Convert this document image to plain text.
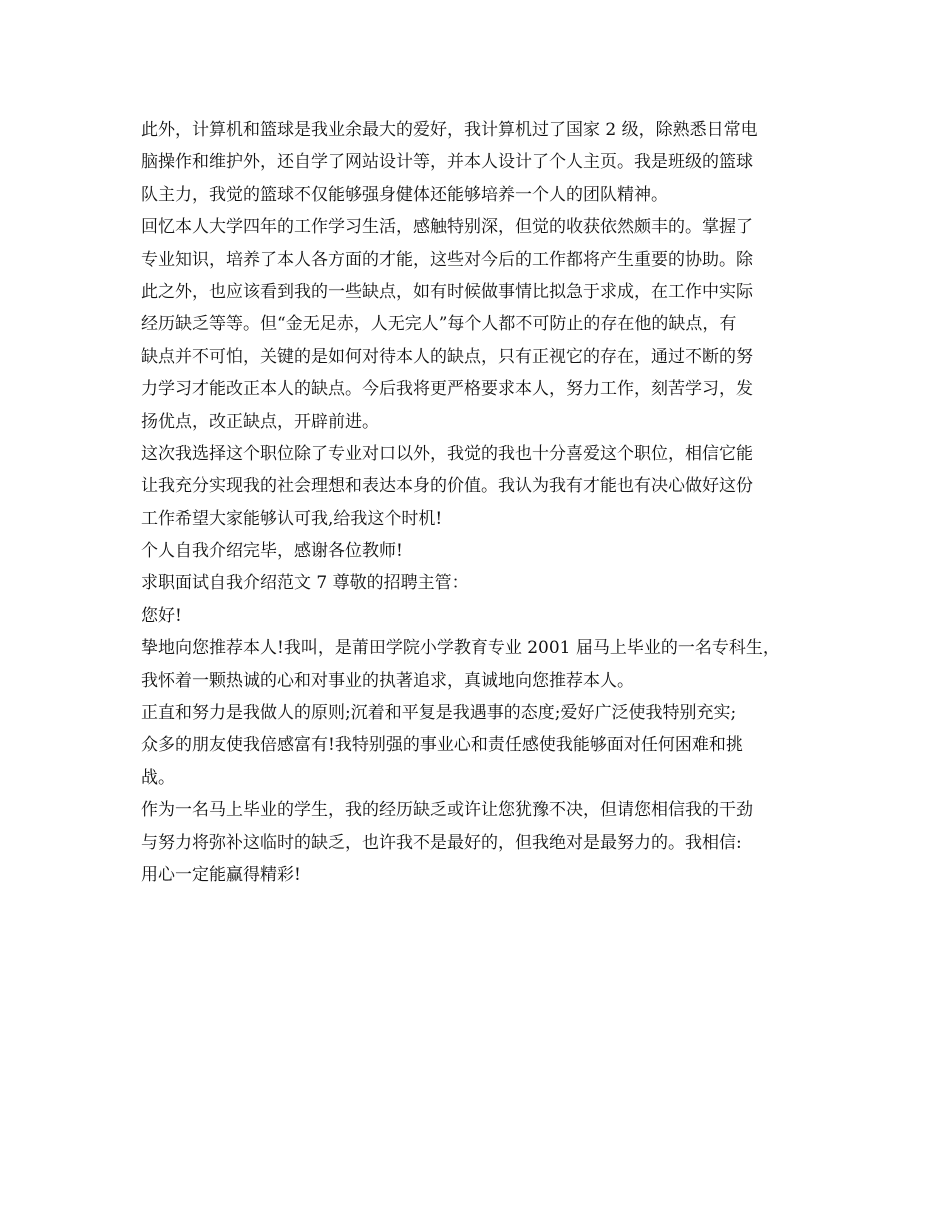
此外，计算机和篮球是我业余最大的爱好，我计算机过了国家 2 级，除熟悉日常电
脑操作和维护外，还自学了网站设计等，并本人设计了个人主页。我是班级的篮球
队主力，我觉的篮球不仅能够强身健体还能够培养一个人的团队精神。
回忆本人大学四年的工作学习生活，感触特别深，但觉的收获依然颇丰的。掌握了
专业知识，培养了本人各方面的才能，这些对今后的工作都将产生重要的协助。除
此之外，也应该看到我的一些缺点，如有时候做事情比拟急于求成，在工作中实际
经历缺乏等等。但“金无足赤，人无完人”每个人都不可防止的存在他的缺点，有
缺点并不可怕，关键的是如何对待本人的缺点，只有正视它的存在，通过不断的努
力学习才能改正本人的缺点。今后我将更严格要求本人，努力工作，刻苦学习，发
扬优点，改正缺点，开辟前进。
这次我选择这个职位除了专业对口以外，我觉的我也十分喜爱这个职位，相信它能
让我充分实现我的社会理想和表达本身的价值。我认为我有才能也有决心做好这份
工作希望大家能够认可我,给我这个时机!
个人自我介绍完毕，感谢各位教师!
求职面试自我介绍范文 7 尊敬的招聘主管：
您好!
挚地向您推荐本人!我叫，是莆田学院小学教育专业 2001 届马上毕业的一名专科生，
我怀着一颗热诚的心和对事业的执著追求，真诚地向您推荐本人。
正直和努力是我做人的原则;沉着和平复是我遇事的态度;爱好广泛使我特别充实;
众多的朋友使我倍感富有!我特别强的事业心和责任感使我能够面对任何困难和挑
战。
作为一名马上毕业的学生，我的经历缺乏或许让您犹豫不决，但请您相信我的干劲
与努力将弥补这临时的缺乏，也许我不是最好的，但我绝对是最努力的。我相信:
用心一定能赢得精彩!
